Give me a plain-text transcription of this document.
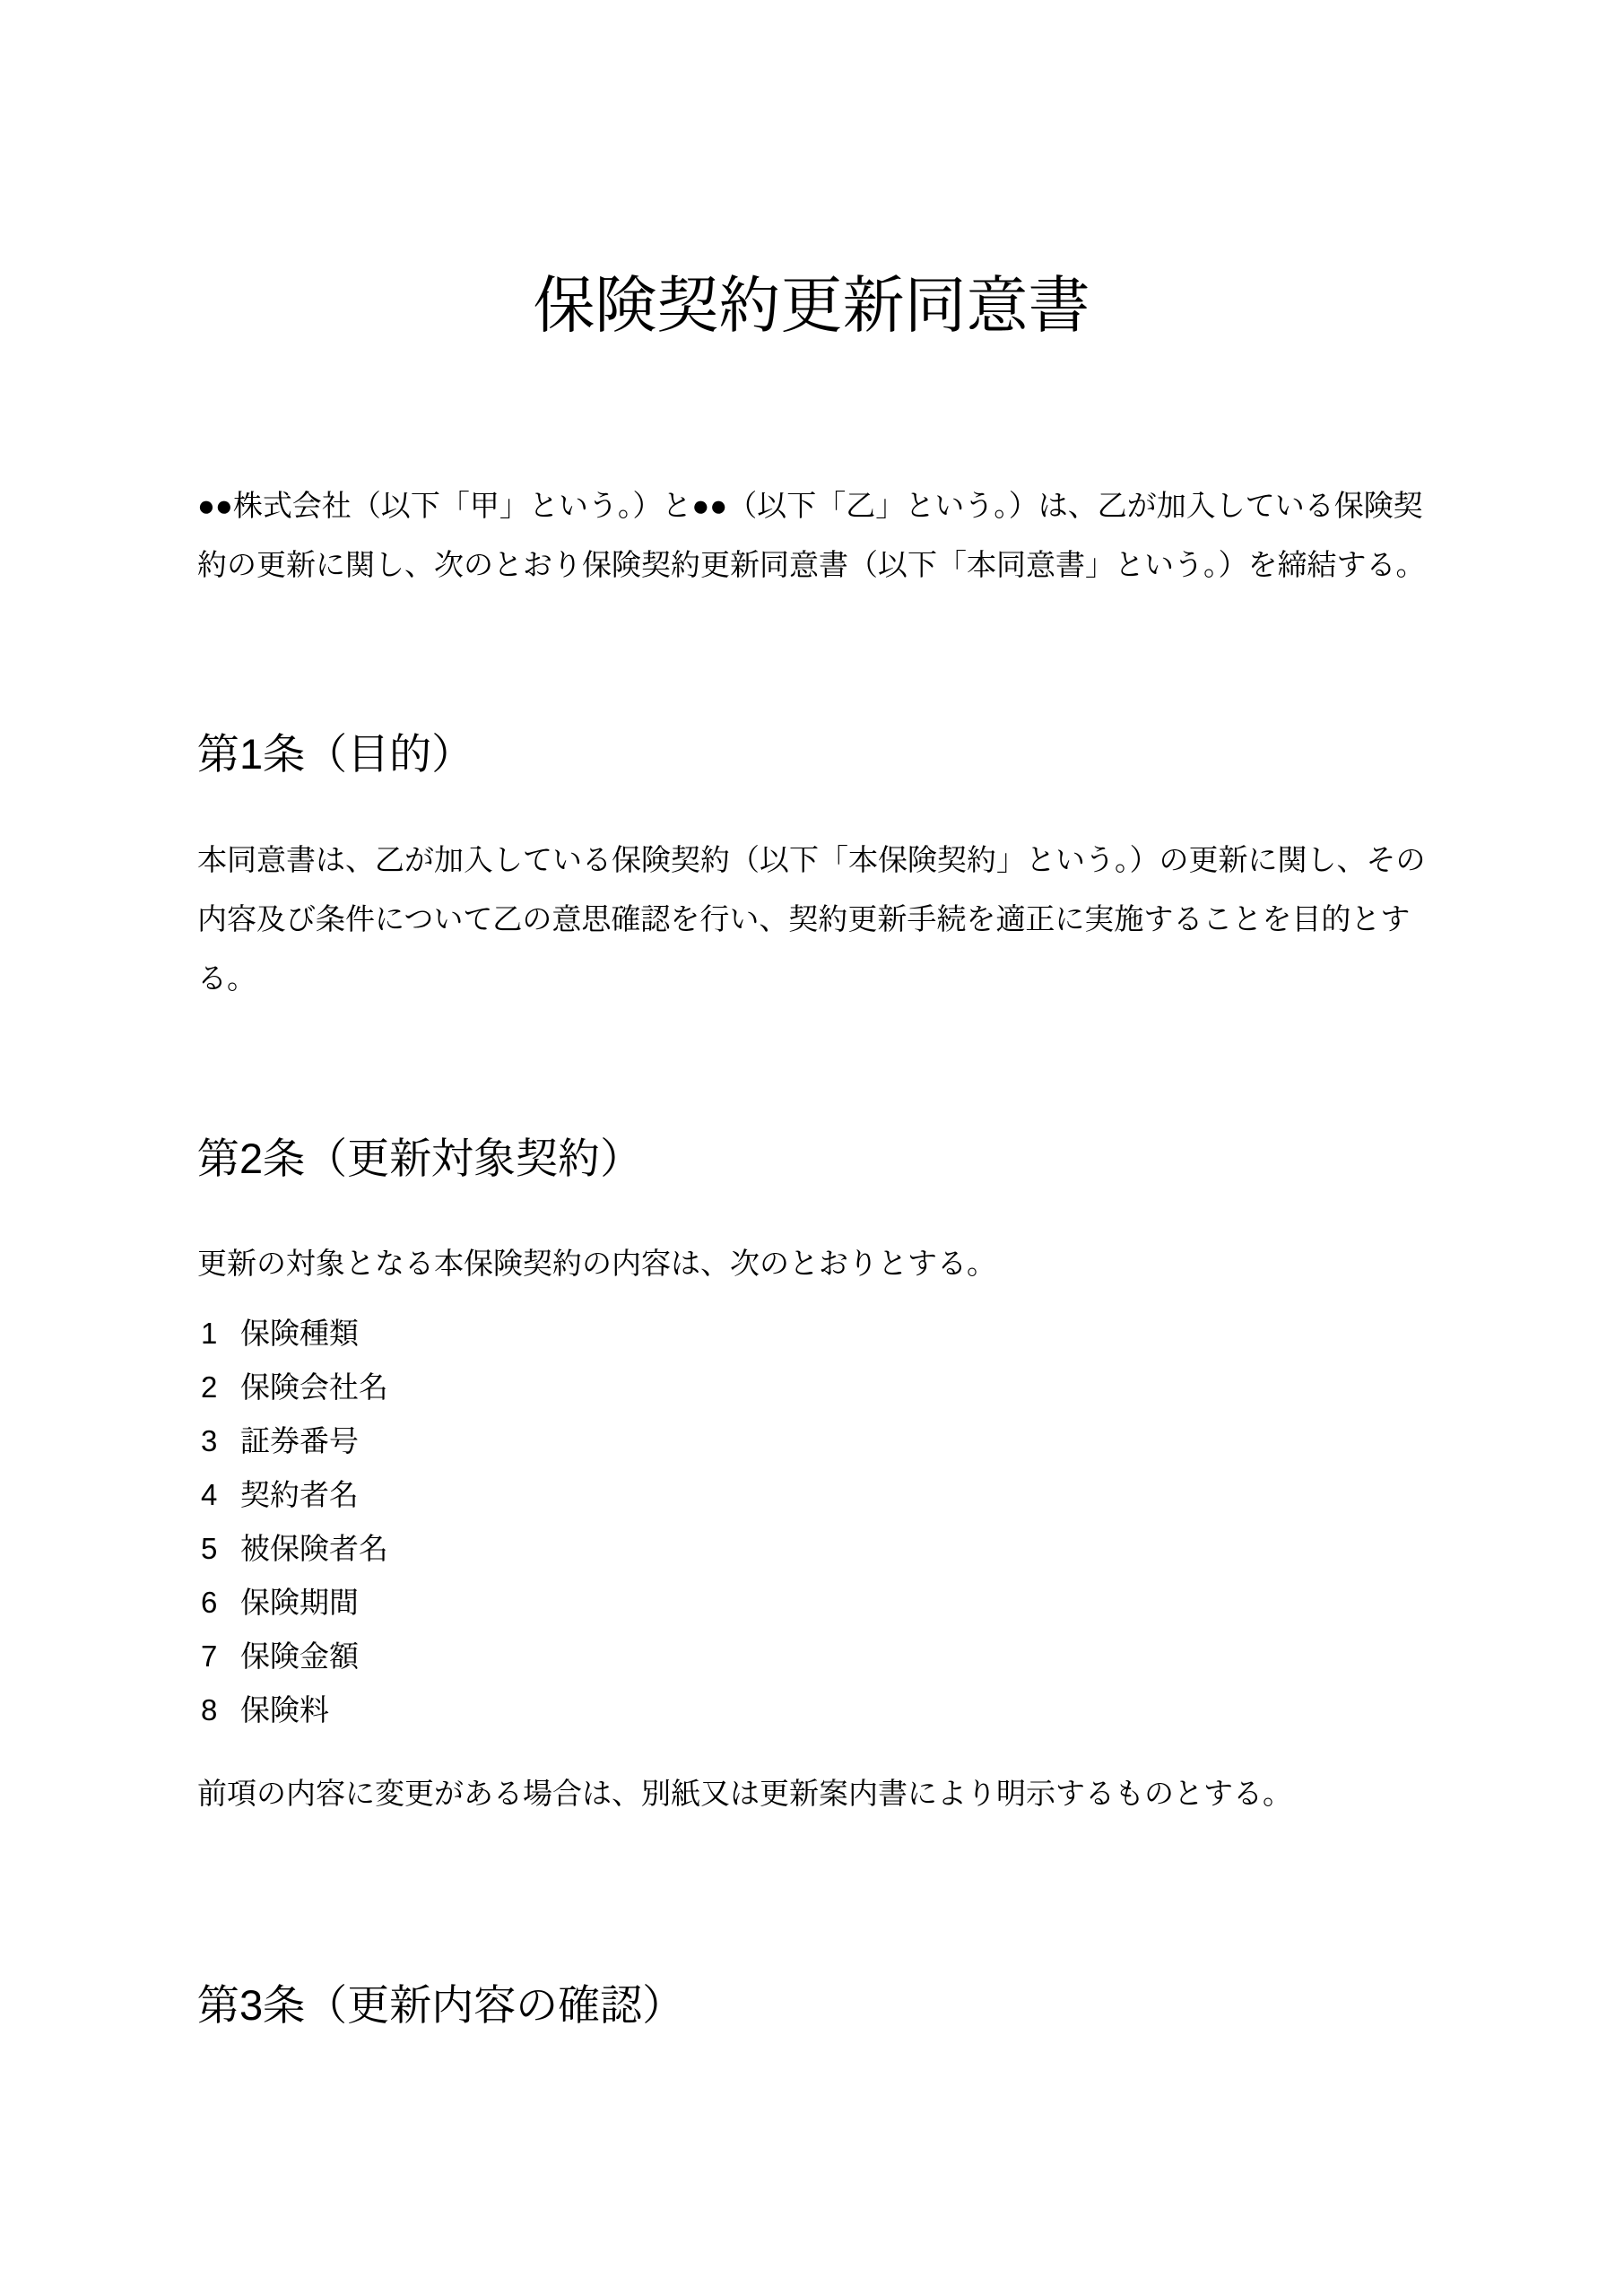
保険契約更新同意書

●●株式会社（以下「甲」という。）と●●（以下「乙」という。）は、乙が加入している保険契約の更新に関し、次のとおり保険契約更新同意書（以下「本同意書」という。）を締結する。

第1条（目的）

本同意書は、乙が加入している保険契約（以下「本保険契約」という。）の更新に関し、その内容及び条件について乙の意思確認を行い、契約更新手続を適正に実施することを目的とする。

第2条（更新対象契約）

更新の対象となる本保険契約の内容は、次のとおりとする。

1 保険種類
2 保険会社名
3 証券番号
4 契約者名
5 被保険者名
6 保険期間
7 保険金額
8 保険料

前項の内容に変更がある場合は、別紙又は更新案内書により明示するものとする。

第3条（更新内容の確認）
